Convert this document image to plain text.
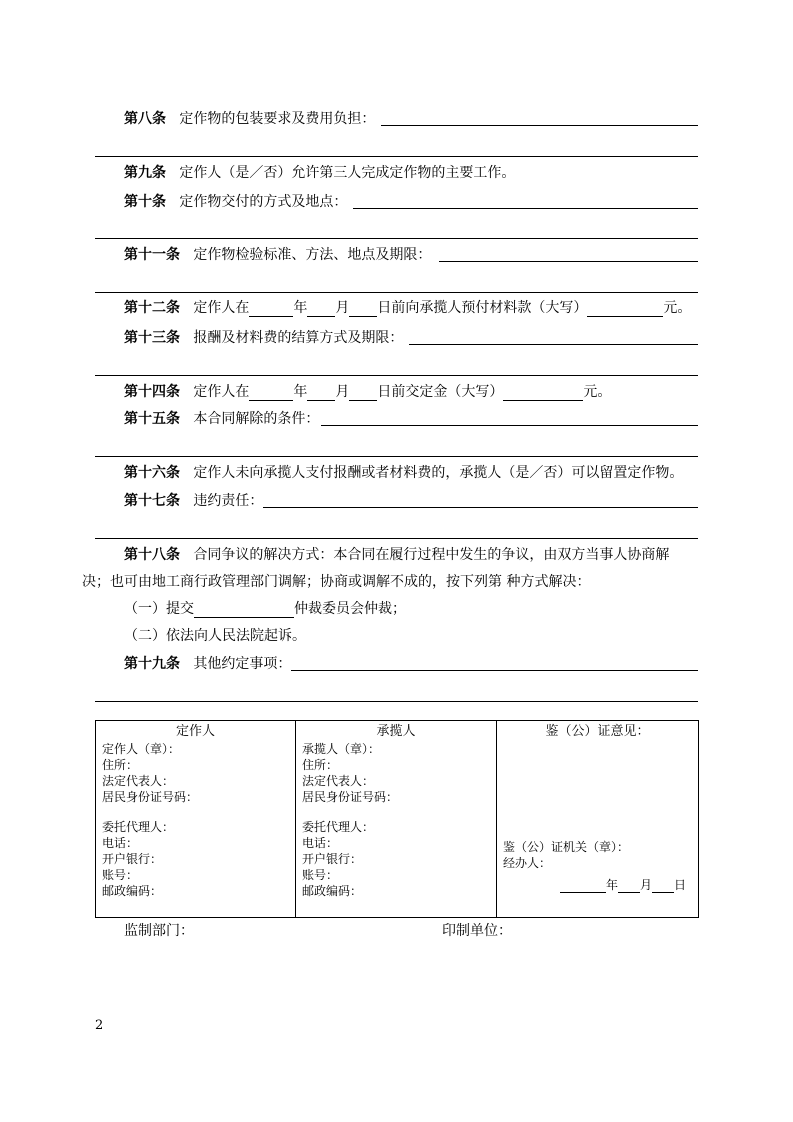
第八条 定作物的包装要求及费用负担：
第九条 定作人（是／否）允许第三人完成定作物的主要工作。
第十条 定作物交付的方式及地点：
第十一条 定作物检验标准、方法、地点及期限：
第十二条 定作人在	年 月 日前向承揽人预付材料款（大写）	元。
第十三条 报酬及材料费的结算方式及期限：
第十四条 定作人在	年 月 日前交定金（大写）	元。
第十五条 本合同解除的条件：
第十六条 定作人未向承揽人支付报酬或者材料费的，承揽人（是／否）可以留置定作物。
第十七条 违约责任：
第十八条 合同争议的解决方式：本合同在履行过程中发生的争议，由双方当事人协商解
决；也可由地工商行政管理部门调解；协商或调解不成的，按下列第 种方式解决：
（一）提交	仲裁委员会仲裁；
（二）依法向人民法院起诉。
第十九条 其他约定事项：
定作人
定作人（章）：
住所：
法定代表人：
居民身份证号码：
委托代理人：
电话：
开户银行：
账号：
邮政编码：

承揽人
承揽人（章）：
住所：
法定代表人：
居民身份证号码：
委托代理人：
电话：
开户银行：
账号：
邮政编码：

鉴（公）证意见：
鉴（公）证机关（章）：
经办人：
年 月 日
监制部门：	印制单位：
2
